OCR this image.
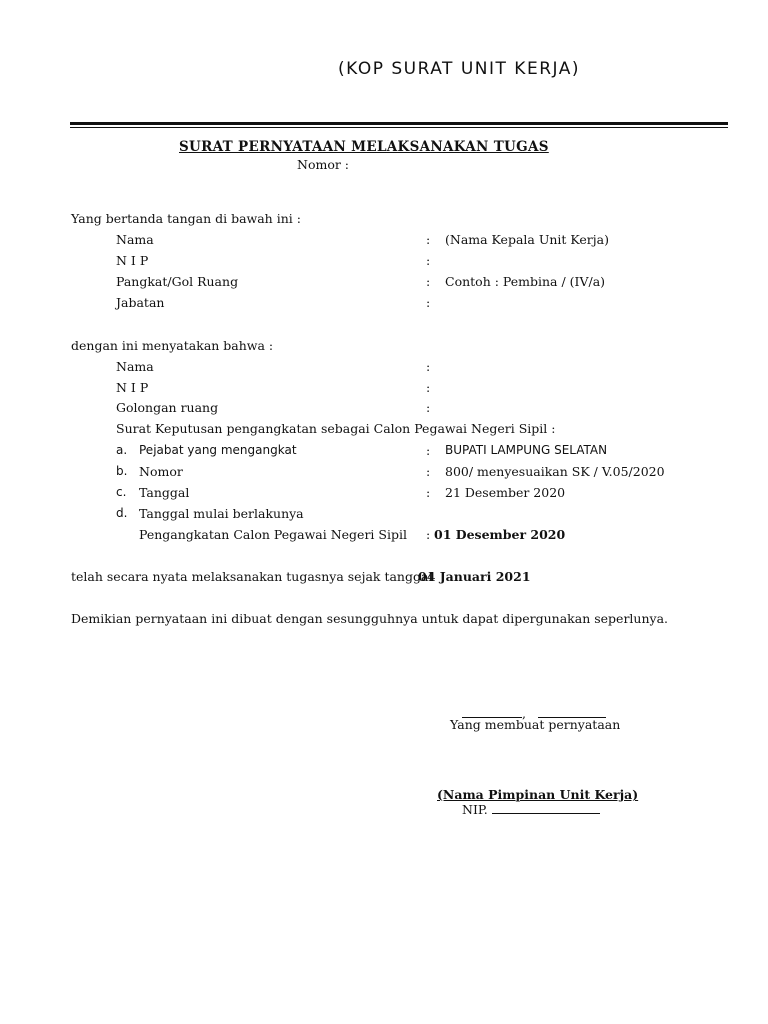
(KOP SURAT UNIT KERJA)
SURAT PERNYATAAN MELAKSANAKAN TUGAS
Nomor :
Yang bertanda tangan di bawah ini :
Nama	: (Nama Kepala Unit Kerja)
N I P	:
Pangkat/Gol Ruang	: Contoh : Pembina / (IV/a)
Jabatan	:
dengan ini menyatakan bahwa :
Nama	:
N I P	:
Golongan ruang	:
Surat Keputusan pengangkatan sebagai Calon Pegawai Negeri Sipil :
a. Pejabat yang mengangkat	: BUPATI LAMPUNG SELATAN
b. Nomor	: 800/ menyesuaikan SK / V.05/2020
c. Tanggal	: 21 Desember 2020
d. Tanggal mulai berlakunya
Pengangkatan Calon Pegawai Negeri Sipil : 01 Desember 2020
telah secara nyata melaksanakan tugasnya sejak tanggal
04 Januari 2021
Demikian pernyataan ini dibuat dengan sesungguhnya untuk dapat dipergunakan seperlunya.
,
Yang membuat pernyataan
(Nama Pimpinan Unit Kerja)
NIP.
